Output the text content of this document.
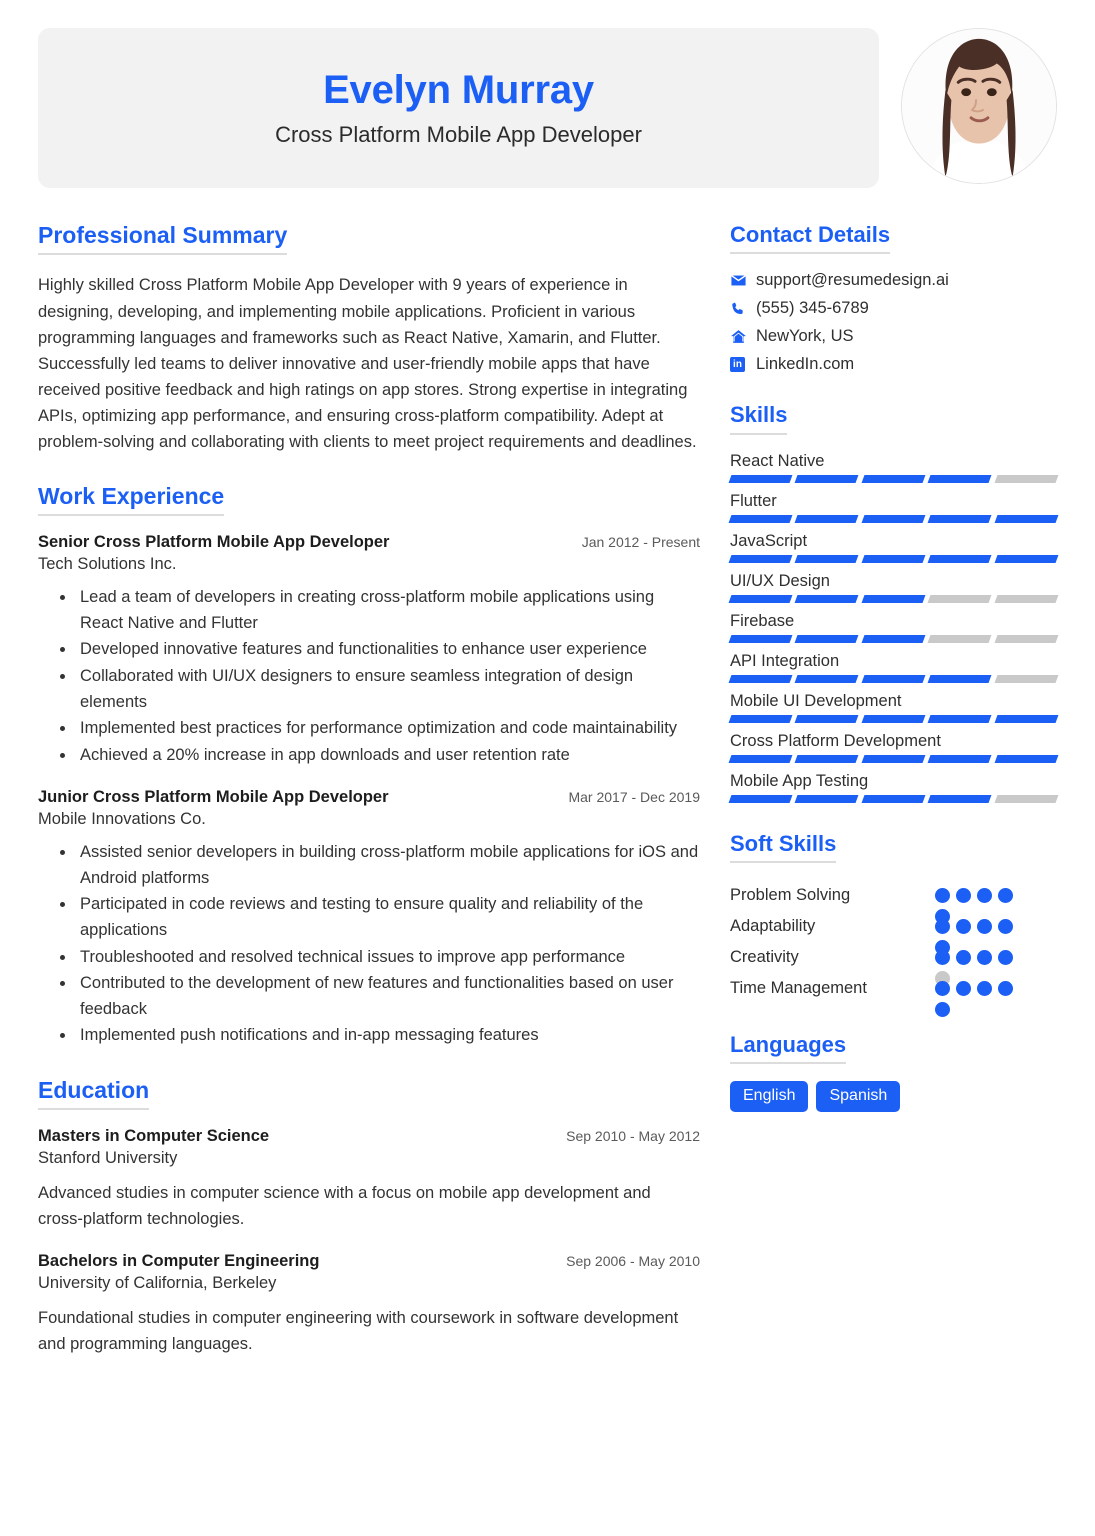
Evelyn Murray
Cross Platform Mobile App Developer
Professional Summary
Highly skilled Cross Platform Mobile App Developer with 9 years of experience in designing, developing, and implementing mobile applications. Proficient in various programming languages and frameworks such as React Native, Xamarin, and Flutter. Successfully led teams to deliver innovative and user-friendly mobile apps that have received positive feedback and high ratings on app stores. Strong expertise in integrating APIs, optimizing app performance, and ensuring cross-platform compatibility. Adept at problem-solving and collaborating with clients to meet project requirements and deadlines.
Work Experience
Senior Cross Platform Mobile App Developer	Jan 2012 - Present
Tech Solutions Inc.
• Lead a team of developers in creating cross-platform mobile applications using React Native and Flutter
• Developed innovative features and functionalities to enhance user experience
• Collaborated with UI/UX designers to ensure seamless integration of design elements
• Implemented best practices for performance optimization and code maintainability
• Achieved a 20% increase in app downloads and user retention rate
Junior Cross Platform Mobile App Developer	Mar 2017 - Dec 2019
Mobile Innovations Co.
• Assisted senior developers in building cross-platform mobile applications for iOS and Android platforms
• Participated in code reviews and testing to ensure quality and reliability of the applications
• Troubleshooted and resolved technical issues to improve app performance
• Contributed to the development of new features and functionalities based on user feedback
• Implemented push notifications and in-app messaging features
Education
Masters in Computer Science	Sep 2010 - May 2012
Stanford University
Advanced studies in computer science with a focus on mobile app development and cross-platform technologies.
Bachelors in Computer Engineering	Sep 2006 - May 2010
University of California, Berkeley
Foundational studies in computer engineering with coursework in software development and programming languages.
Contact Details
support@resumedesign.ai
(555) 345-6789
NewYork, US
in LinkedIn.com
Skills
React Native
Flutter
JavaScript
UI/UX Design
Firebase
API Integration
Mobile UI Development
Cross Platform Development
Mobile App Testing
Soft Skills
Problem Solving
Adaptability
Creativity
Time Management
Languages
English	Spanish
